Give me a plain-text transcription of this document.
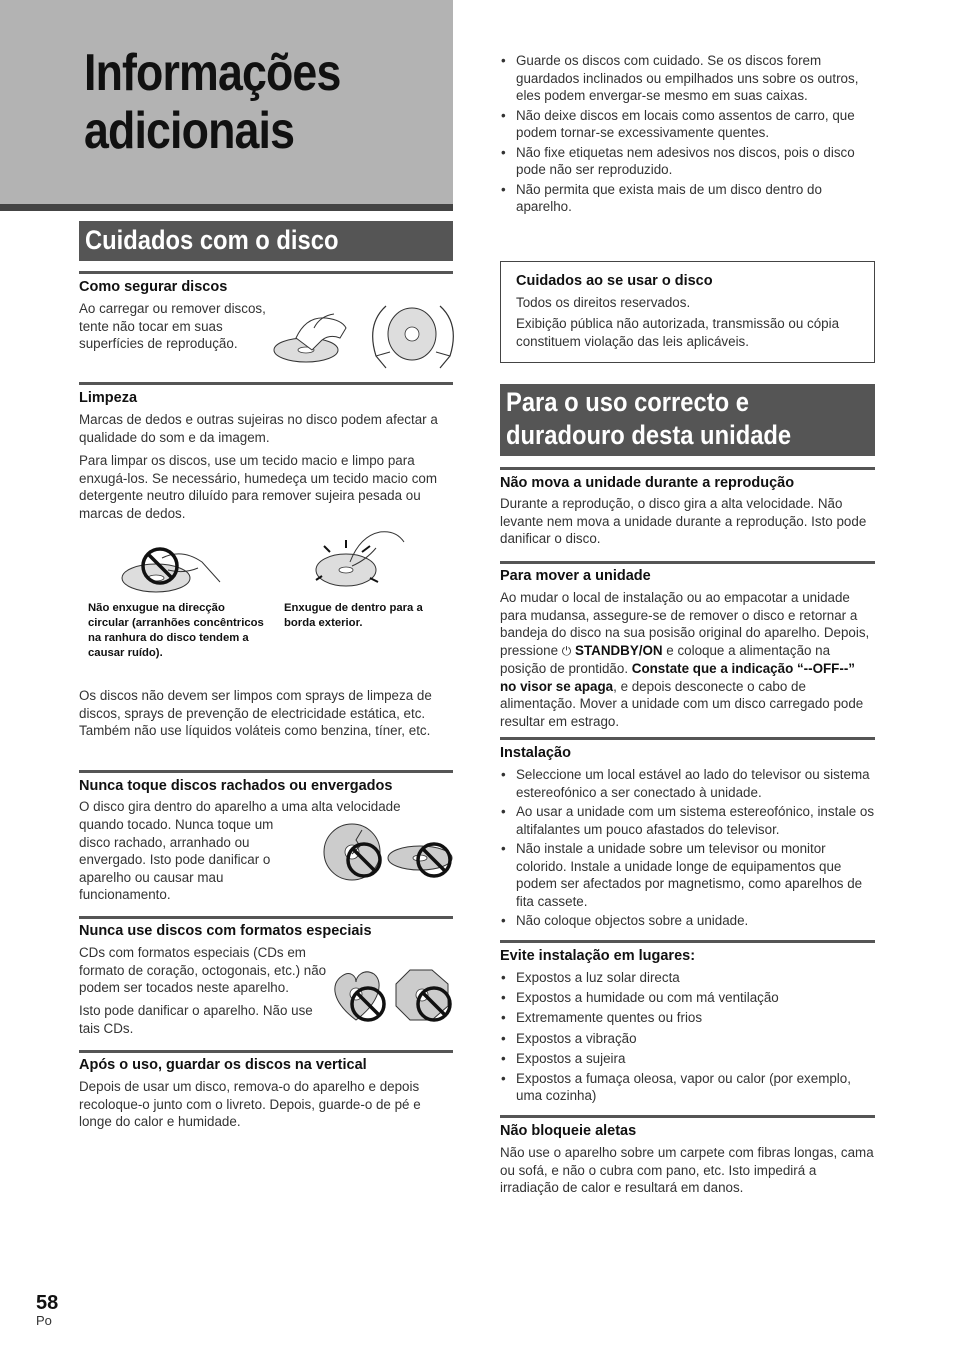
Informações
adicionais
Cuidados com o disco
Como segurar discos
Ao carregar ou remover discos, tente não tocar em suas superfícies de reprodução.
Limpeza
Marcas de dedos e outras sujeiras no disco podem afectar a qualidade do som e da imagem.
Para limpar os discos, use um tecido macio e limpo para enxugá-los. Se necessário, humedeça um tecido macio com detergente neutro diluído para remover sujeira pesada ou marcas de dedos.
Não enxugue na direcção circular (arranhões concêntricos na ranhura do disco tendem a causar ruído).
Enxugue de dentro para a borda exterior.
Os discos não devem ser limpos com sprays de limpeza de discos, sprays de prevenção de electricidade estática, etc. Também não use líquidos voláteis como benzina, tíner, etc.
Nunca toque discos rachados ou envergados
O disco gira dentro do aparelho a uma alta velocidade
quando tocado. Nunca toque um disco rachado, arranhado ou envergado. Isto pode danificar o aparelho ou causar mau funcionamento.
Nunca use discos com formatos especiais
CDs com formatos especiais (CDs em formato de coração, octogonais, etc.) não podem ser tocados neste aparelho.
Isto pode danificar o aparelho. Não use tais CDs.
Após o uso, guardar os discos na vertical
Depois de usar um disco, remova-o do aparelho e depois recoloque-o junto com o livreto. Depois, guarde-o de pé e longe do calor e humidade.
• Guarde os discos com cuidado. Se os discos forem guardados inclinados ou empilhados uns sobre os outros, eles podem envergar-se mesmo em suas caixas.
• Não deixe discos em locais como assentos de carro, que podem tornar-se excessivamente quentes.
• Não fixe etiquetas nem adesivos nos discos, pois o disco pode não ser reproduzido.
• Não permita que exista mais de um disco dentro do aparelho.
Cuidados ao se usar o disco
Todos os direitos reservados.
Exibição pública não autorizada, transmissão ou cópia constituem violação das leis aplicáveis.
Para o uso correcto e
duradouro desta unidade
Não mova a unidade durante a reprodução
Durante a reprodução, o disco gira a alta velocidade. Não levante nem mova a unidade durante a reprodução. Isto pode danificar o disco.
Para mover a unidade
Ao mudar o local de instalação ou ao empacotar a unidade para mudansa, assegure-se de remover o disco e retornar a bandeja do disco na sua posisão original do aparelho. Depois, pressione ⏻ STANDBY/ON e coloque a alimentação na posição de prontidão. Constate que a indicação “--OFF--” no visor se apaga, e depois desconecte o cabo de alimentação. Mover a unidade com um disco carregado pode resultar em estrago.
Instalação
• Seleccione um local estável ao lado do televisor ou sistema estereofónico a ser conectado à unidade.
• Ao usar a unidade com um sistema estereofónico, instale os altifalantes um pouco afastados do televisor.
• Não instale a unidade sobre um televisor ou monitor colorido. Instale a unidade longe de equipamentos que podem ser afectados por magnetismo, como aparelhos de fita cassete.
• Não coloque objectos sobre a unidade.
Evite instalação em lugares:
• Expostos a luz solar directa
• Expostos a humidade ou com má ventilação
• Extremamente quentes ou frios
• Expostos a vibração
• Expostos a sujeira
• Expostos a fumaça oleosa, vapor ou calor (por exemplo, uma cozinha)
Não bloqueie aletas
Não use o aparelho sobre um carpete com fibras longas, cama ou sofá, e não o cubra com pano, etc. Isto impedirá a irradiação de calor e resultará em danos.
58
Po
